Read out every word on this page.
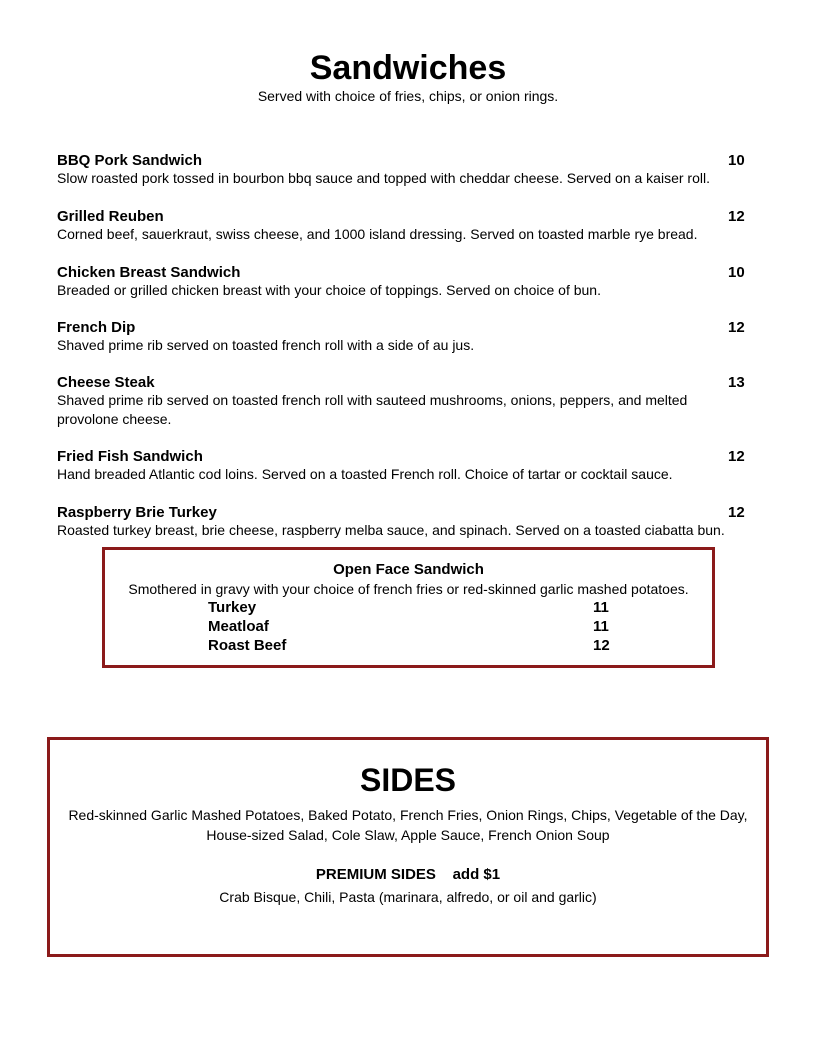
Sandwiches
Served with choice of fries, chips, or onion rings.
BBQ Pork Sandwich	10
Slow roasted pork tossed in bourbon bbq sauce and topped with cheddar cheese. Served on a kaiser roll.
Grilled Reuben	12
Corned beef, sauerkraut, swiss cheese, and 1000 island dressing. Served on toasted marble rye bread.
Chicken Breast Sandwich	10
Breaded or grilled chicken breast with your choice of toppings. Served on choice of bun.
French Dip	12
Shaved prime rib served on toasted french roll with a side of au jus.
Cheese Steak	13
Shaved prime rib served on toasted french roll with sauteed mushrooms, onions, peppers, and melted provolone cheese.
Fried Fish Sandwich	12
Hand breaded Atlantic cod loins. Served on a toasted French roll. Choice of tartar or cocktail sauce.
Raspberry Brie Turkey	12
Roasted turkey breast, brie cheese, raspberry melba sauce, and spinach. Served on a toasted ciabatta bun.
Open Face Sandwich
Smothered in gravy with your choice of french fries or red-skinned garlic mashed potatoes.
Turkey	11
Meatloaf	11
Roast Beef	12
SIDES
Red-skinned Garlic Mashed Potatoes, Baked Potato, French Fries, Onion Rings, Chips, Vegetable of the Day, House-sized Salad, Cole Slaw, Apple Sauce, French Onion Soup
PREMIUM SIDES    add $1
Crab Bisque, Chili, Pasta (marinara, alfredo, or oil and garlic)
